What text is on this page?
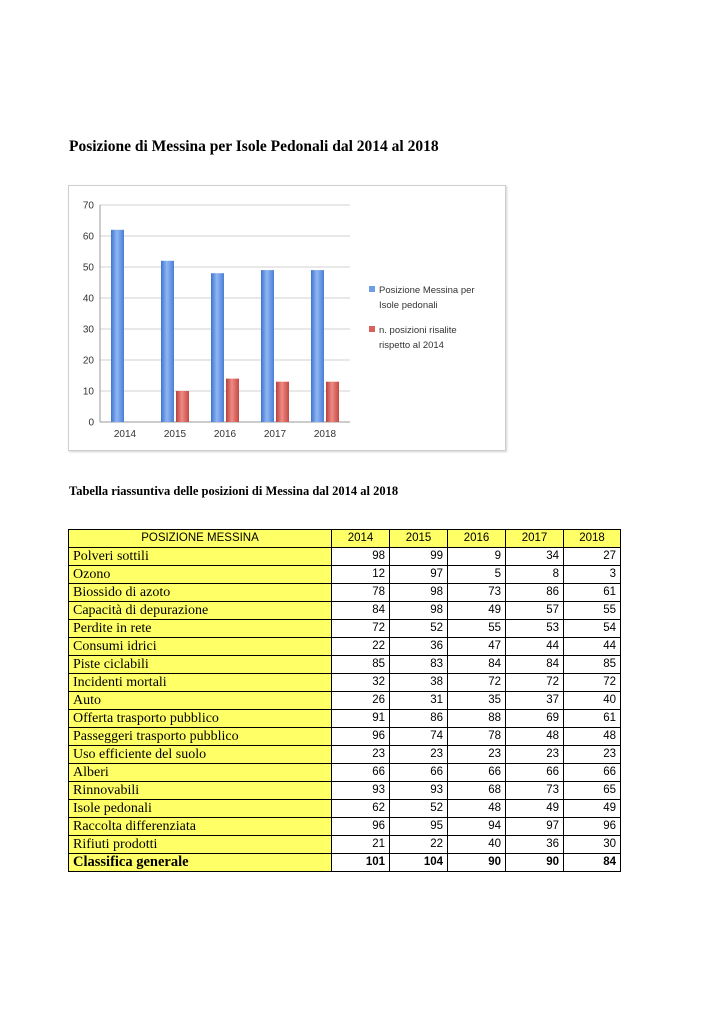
Posizione di Messina per Isole Pedonali dal 2014 al 2018
0
10
20
30
40
50
60
70
2014	2015	2016	2017	2018
Posizione Messina per Isole pedonali
n. posizioni risalite rispetto al 2014
Tabella riassuntiva delle posizioni di Messina dal 2014 al 2018
POSIZIONE MESSINA	2014	2015	2016	2017	2018
Polveri sottili	98	99	9	34	27
Ozono	12	97	5	8	3
Biossido di azoto	78	98	73	86	61
Capacità di depurazione	84	98	49	57	55
Perdite in rete	72	52	55	53	54
Consumi idrici	22	36	47	44	44
Piste ciclabili	85	83	84	84	85
Incidenti mortali	32	38	72	72	72
Auto	26	31	35	37	40
Offerta trasporto pubblico	91	86	88	69	61
Passeggeri trasporto pubblico	96	74	78	48	48
Uso efficiente del suolo	23	23	23	23	23
Alberi	66	66	66	66	66
Rinnovabili	93	93	68	73	65
Isole pedonali	62	52	48	49	49
Raccolta differenziata	96	95	94	97	96
Rifiuti prodotti	21	22	40	36	30
Classifica generale	101	104	90	90	84
